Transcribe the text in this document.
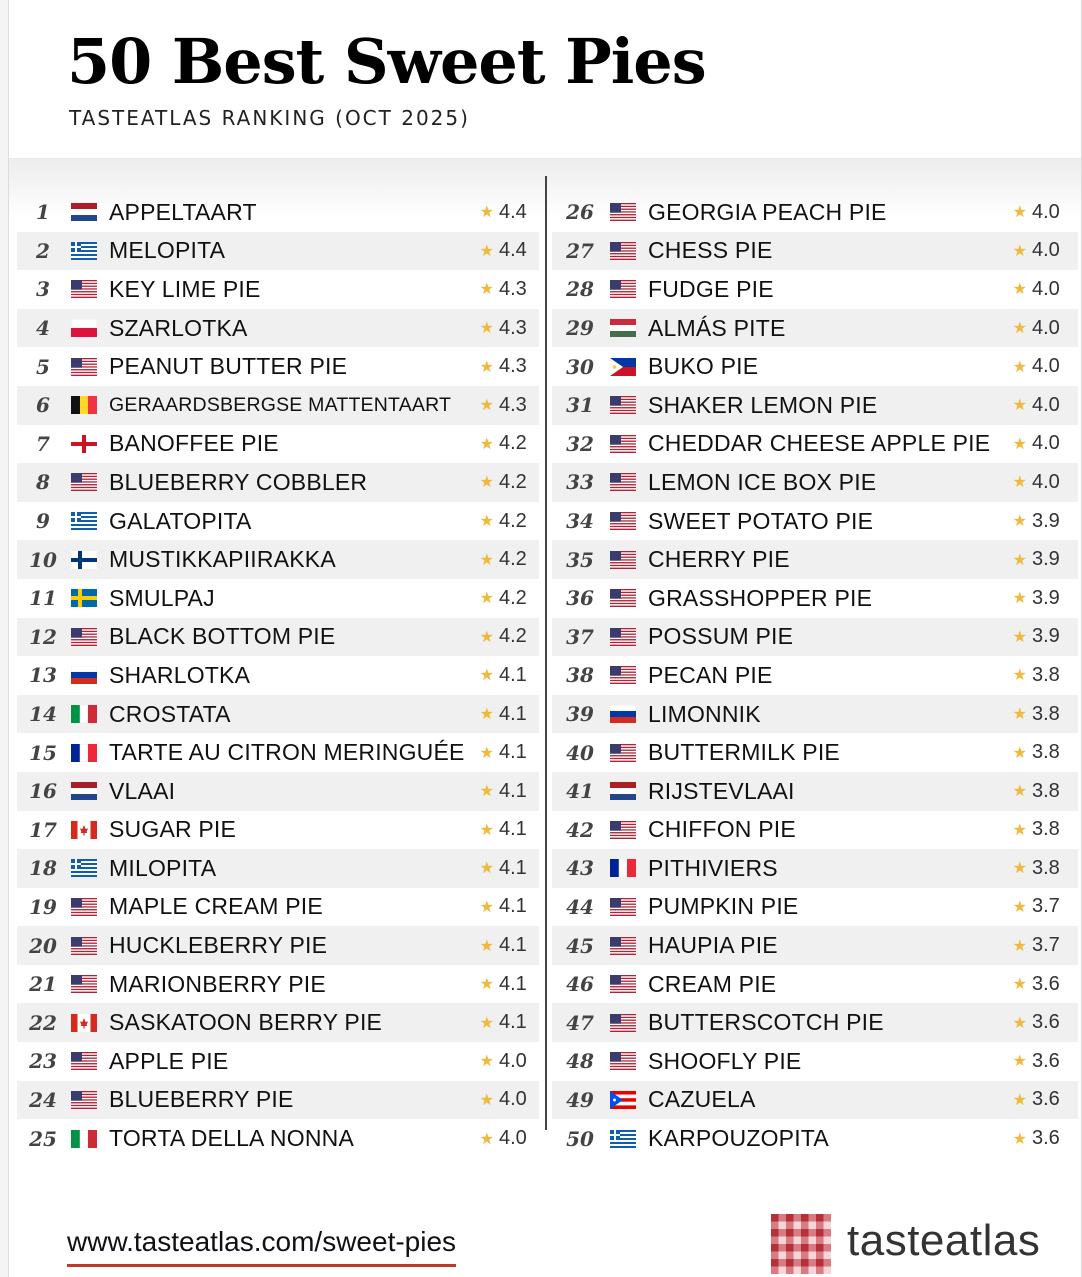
50 Best Sweet Pies
TASTEATLAS RANKING (OCT 2025)
1	APPELTAART	★ 4.4
2	MELOPITA	★ 4.4
3	KEY LIME PIE	★ 4.3
4	SZARLOTKA	★ 4.3
5	PEANUT BUTTER PIE	★ 4.3
6	GERAARDSBERGSE MATTENTAART	★ 4.3
7	BANOFFEE PIE	★ 4.2
8	BLUEBERRY COBBLER	★ 4.2
9	GALATOPITA	★ 4.2
10	MUSTIKKAPIIRAKKA	★ 4.2
11	SMULPAJ	★ 4.2
12	BLACK BOTTOM PIE	★ 4.2
13	SHARLOTKA	★ 4.1
14	CROSTATA	★ 4.1
15	TARTE AU CITRON MERINGUÉE ★ 4.1
16	VLAAI	★ 4.1
17	SUGAR PIE	★ 4.1
18	MILOPITA	★ 4.1
19	MAPLE CREAM PIE	★ 4.1
20	HUCKLEBERRY PIE	★ 4.1
21	MARIONBERRY PIE	★ 4.1
22	SASKATOON BERRY PIE	★ 4.1
23	APPLE PIE	★ 4.0
24	BLUEBERRY PIE	★ 4.0
25	TORTA DELLA NONNA	★ 4.0
26	GEORGIA PEACH PIE	★ 4.0
27	CHESS PIE	★ 4.0
28	FUDGE PIE	★ 4.0
29	ALMÁS PITE	★ 4.0
30	BUKO PIE	★ 4.0
31	SHAKER LEMON PIE	★ 4.0
32	CHEDDAR CHEESE APPLE PIE	★ 4.0
33	LEMON ICE BOX PIE	★ 4.0
34	SWEET POTATO PIE	★ 3.9
35	CHERRY PIE	★ 3.9
36	GRASSHOPPER PIE	★ 3.9
37	POSSUM PIE	★ 3.9
38	PECAN PIE	★ 3.8
39	LIMONNIK	★ 3.8
40	BUTTERMILK PIE	★ 3.8
41	RIJSTEVLAAI	★ 3.8
42	CHIFFON PIE	★ 3.8
43	PITHIVIERS	★ 3.8
44	PUMPKIN PIE	★ 3.7
45	HAUPIA PIE	★ 3.7
46	CREAM PIE	★ 3.6
47	BUTTERSCOTCH PIE	★ 3.6
48	SHOOFLY PIE	★ 3.6
49	CAZUELA	★ 3.6
50	KARPOUZOPITA	★ 3.6
www.tasteatlas.com/sweet-pies	tasteatlas
